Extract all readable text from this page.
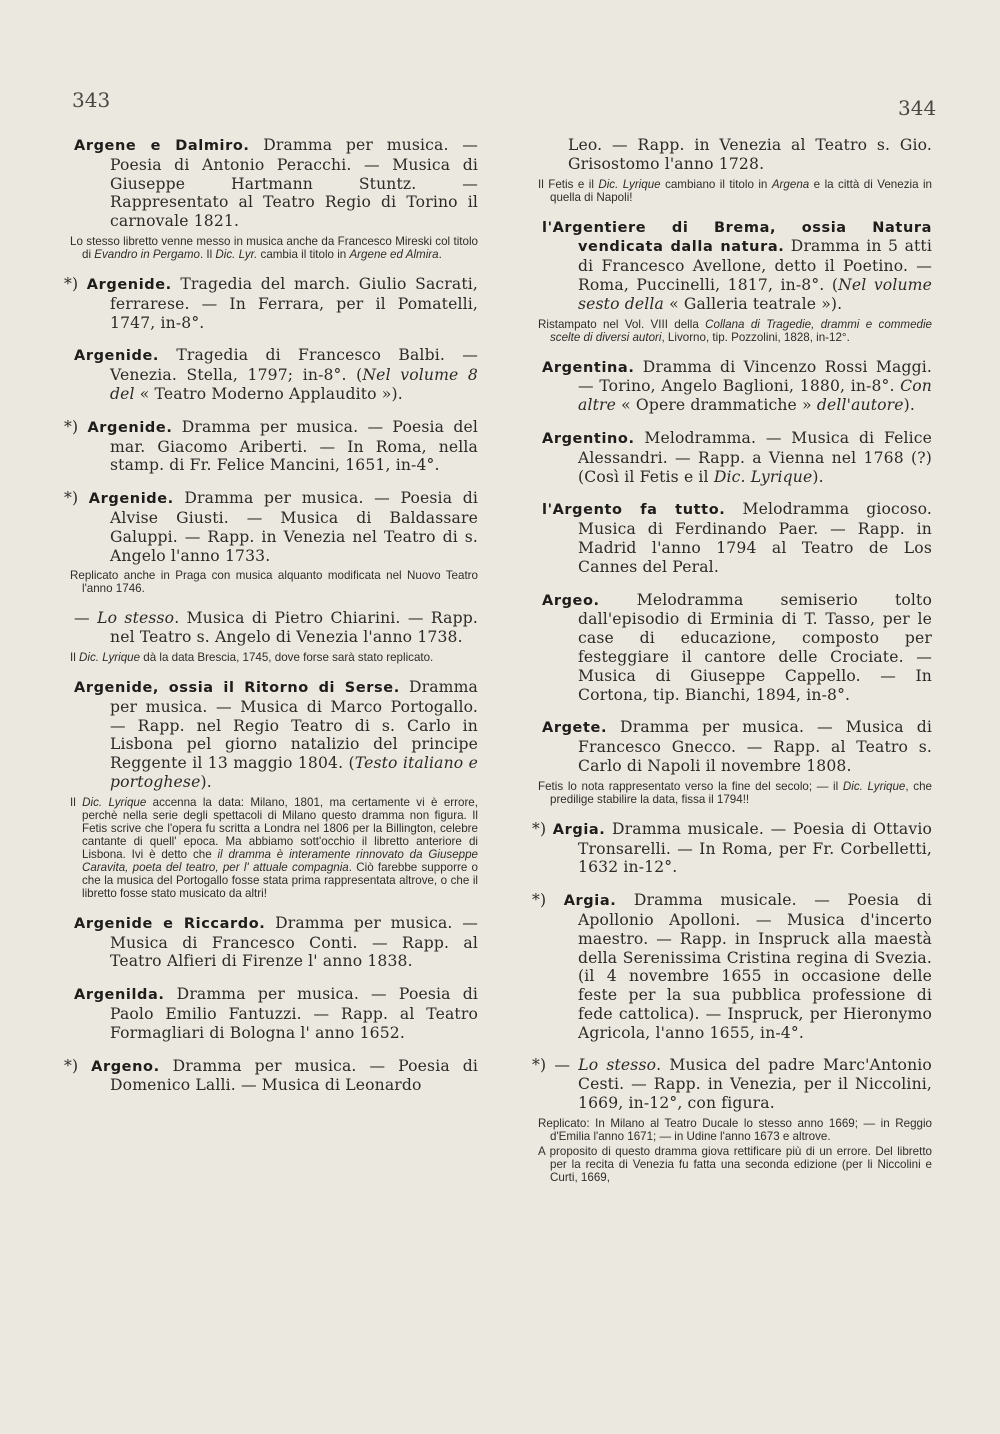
343	344

Argene e Dalmiro. Dramma per musica. — Poesia di Antonio Peracchi. — Musica di Giuseppe Hartmann Stuntz. — Rappresentato al Teatro Regio di Torino il carnovale 1821.

Lo stesso libretto venne messo in musica anche da Francesco Mireski col titolo di Evandro in Pergamo. Il Dic. Lyr. cambia il titolo in Argene ed Almira.

*) Argenide. Tragedia del march. Giulio Sacrati, ferrarese. — In Ferrara, per il Pomatelli, 1747, in-8°.

Argenide. Tragedia di Francesco Balbi. — Venezia. Stella, 1797; in-8°. (Nel volume 8 del « Teatro Moderno Applaudito »).

*) Argenide. Dramma per musica. — Poesia del mar. Giacomo Ariberti. — In Roma, nella stamp. di Fr. Felice Mancini, 1651, in-4°.

*) Argenide. Dramma per musica. — Poesia di Alvise Giusti. — Musica di Baldassare Galuppi. — Rapp. in Venezia nel Teatro di s. Angelo l'anno 1733.

Replicato anche in Praga con musica alquanto modificata nel Nuovo Teatro l'anno 1746.

— Lo stesso. Musica di Pietro Chiarini. — Rapp. nel Teatro s. Angelo di Venezia l'anno 1738.

Il Dic. Lyrique dà la data Brescia, 1745, dove forse sarà stato replicato.

Argenide, ossia il Ritorno di Serse. Dramma per musica. — Musica di Marco Portogallo. — Rapp. nel Regio Teatro di s. Carlo in Lisbona pel giorno natalizio del principe Reggente il 13 maggio 1804. (Testo italiano e portoghese).

Il Dic. Lyrique accenna la data: Milano, 1801, ma certamente vi è errore, perchè nella serie degli spettacoli di Milano questo dramma non figura. Il Fetis scrive che l'opera fu scritta a Londra nel 1806 per la Billington, celebre cantante di quell' epoca. Ma abbiamo sott'occhio il libretto anteriore di Lisbona. Ivi è detto che il dramma è interamente rinnovato da Giuseppe Caravita, poeta del teatro, per l' attuale compagnia. Ciò farebbe supporre o che la musica del Portogallo fosse stata prima rappresentata altrove, o che il libretto fosse stato musicato da altri!

Argenide e Riccardo. Dramma per musica. — Musica di Francesco Conti. — Rapp. al Teatro Alfieri di Firenze l' anno 1838.

Argenilda. Dramma per musica. — Poesia di Paolo Emilio Fantuzzi. — Rapp. al Teatro Formagliari di Bologna l' anno 1652.

*) Argeno. Dramma per musica. — Poesia di Domenico Lalli. — Musica di Leonardo

Leo. — Rapp. in Venezia al Teatro s. Gio. Grisostomo l'anno 1728.

Il Fetis e il Dic. Lyrique cambiano il titolo in Argena e la città di Venezia in quella di Napoli!

l'Argentiere di Brema, ossia Natura vendicata dalla natura. Dramma in 5 atti di Francesco Avellone, detto il Poetino. — Roma, Puccinelli, 1817, in-8°. (Nel volume sesto della « Galleria teatrale »).

Ristampato nel Vol. VIII della Collana di Tragedie, drammi e commedie scelte di diversi autori, Livorno, tip. Pozzolini, 1828, in-12°.

Argentina. Dramma di Vincenzo Rossi Maggi. — Torino, Angelo Baglioni, 1880, in-8°. Con altre « Opere drammatiche » dell'autore).

Argentino. Melodramma. — Musica di Felice Alessandri. — Rapp. a Vienna nel 1768 (?) (Così il Fetis e il Dic. Lyrique).

l'Argento fa tutto. Melodramma giocoso. Musica di Ferdinando Paer. — Rapp. in Madrid l'anno 1794 al Teatro de Los Cannes del Peral.

Argeo. Melodramma semiserio tolto dall'episodio di Erminia di T. Tasso, per le case di educazione, composto per festeggiare il cantore delle Crociate. — Musica di Giuseppe Cappello. — In Cortona, tip. Bianchi, 1894, in-8°.

Argete. Dramma per musica. — Musica di Francesco Gnecco. — Rapp. al Teatro s. Carlo di Napoli il novembre 1808.

Fetis lo nota rappresentato verso la fine del secolo; — il Dic. Lyrique, che predilige stabilire la data, fissa il 1794!!

*) Argia. Dramma musicale. — Poesia di Ottavio Tronsarelli. — In Roma, per Fr. Corbelletti, 1632 in-12°.

*) Argia. Dramma musicale. — Poesia di Apollonio Apolloni. — Musica d'incerto maestro. — Rapp. in Inspruck alla maestà della Serenissima Cristina regina di Svezia. (il 4 novembre 1655 in occasione delle feste per la sua pubblica professione di fede cattolica). — Inspruck, per Hieronymo Agricola, l'anno 1655, in-4°.

*) — Lo stesso. Musica del padre Marc'Antonio Cesti. — Rapp. in Venezia, per il Niccolini, 1669, in-12°, con figura.

Replicato: In Milano al Teatro Ducale lo stesso anno 1669; — in Reggio d'Emilia l'anno 1671; — in Udine l'anno 1673 e altrove.

A proposito di questo dramma giova rettificare più di un errore. Del libretto per la recita di Venezia fu fatta una seconda edizione (per li Niccolini e Curti, 1669,
